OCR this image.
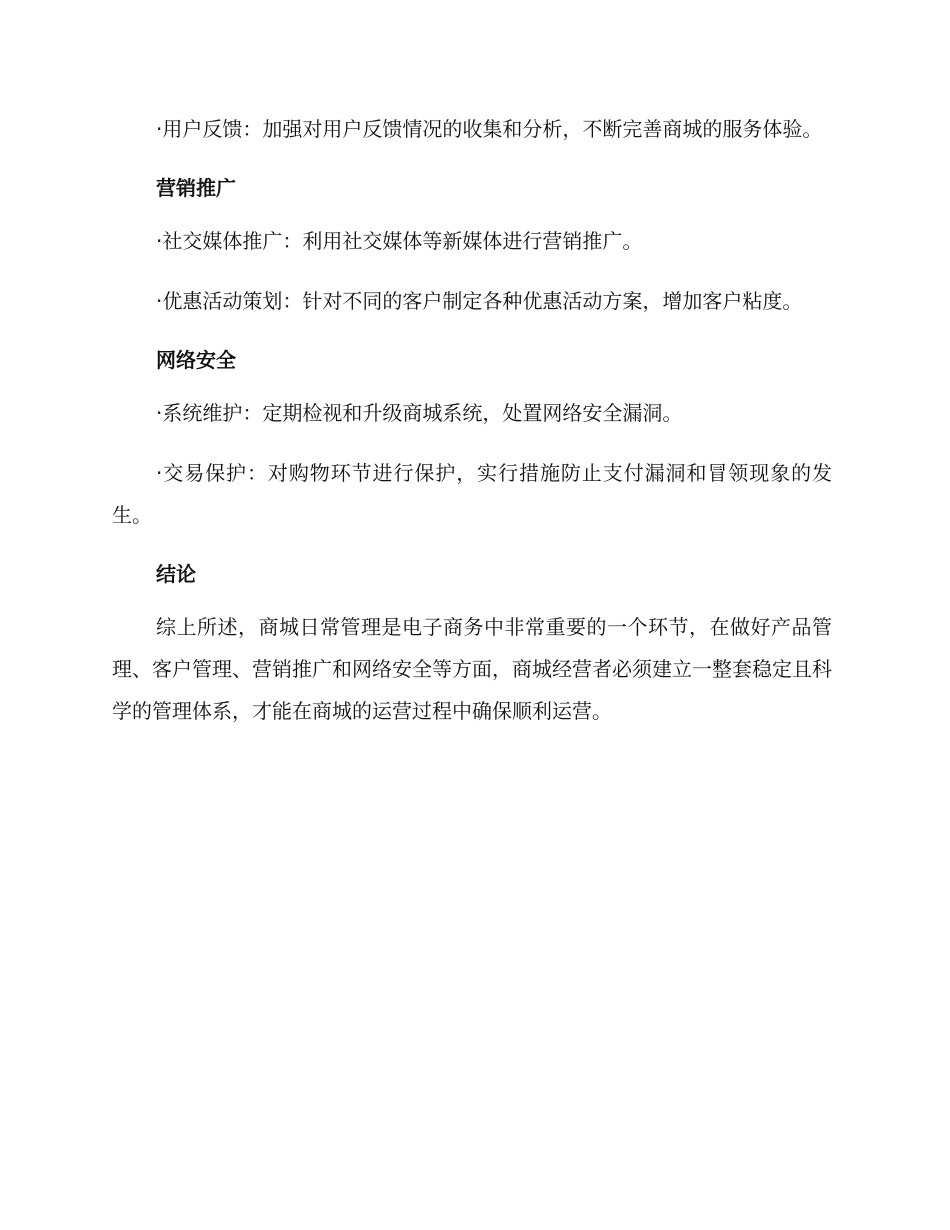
·用户反馈：加强对用户反馈情况的收集和分析，不断完善商城的服务体验。

营销推广

·社交媒体推广：利用社交媒体等新媒体进行营销推广。

·优惠活动策划：针对不同的客户制定各种优惠活动方案，增加客户粘度。

网络安全

·系统维护：定期检视和升级商城系统，处置网络安全漏洞。

·交易保护：对购物环节进行保护，实行措施防止支付漏洞和冒领现象的发生。

结论

综上所述，商城日常管理是电子商务中非常重要的一个环节，在做好产品管理、客户管理、营销推广和网络安全等方面，商城经营者必须建立一整套稳定且科学的管理体系，才能在商城的运营过程中确保顺利运营。
